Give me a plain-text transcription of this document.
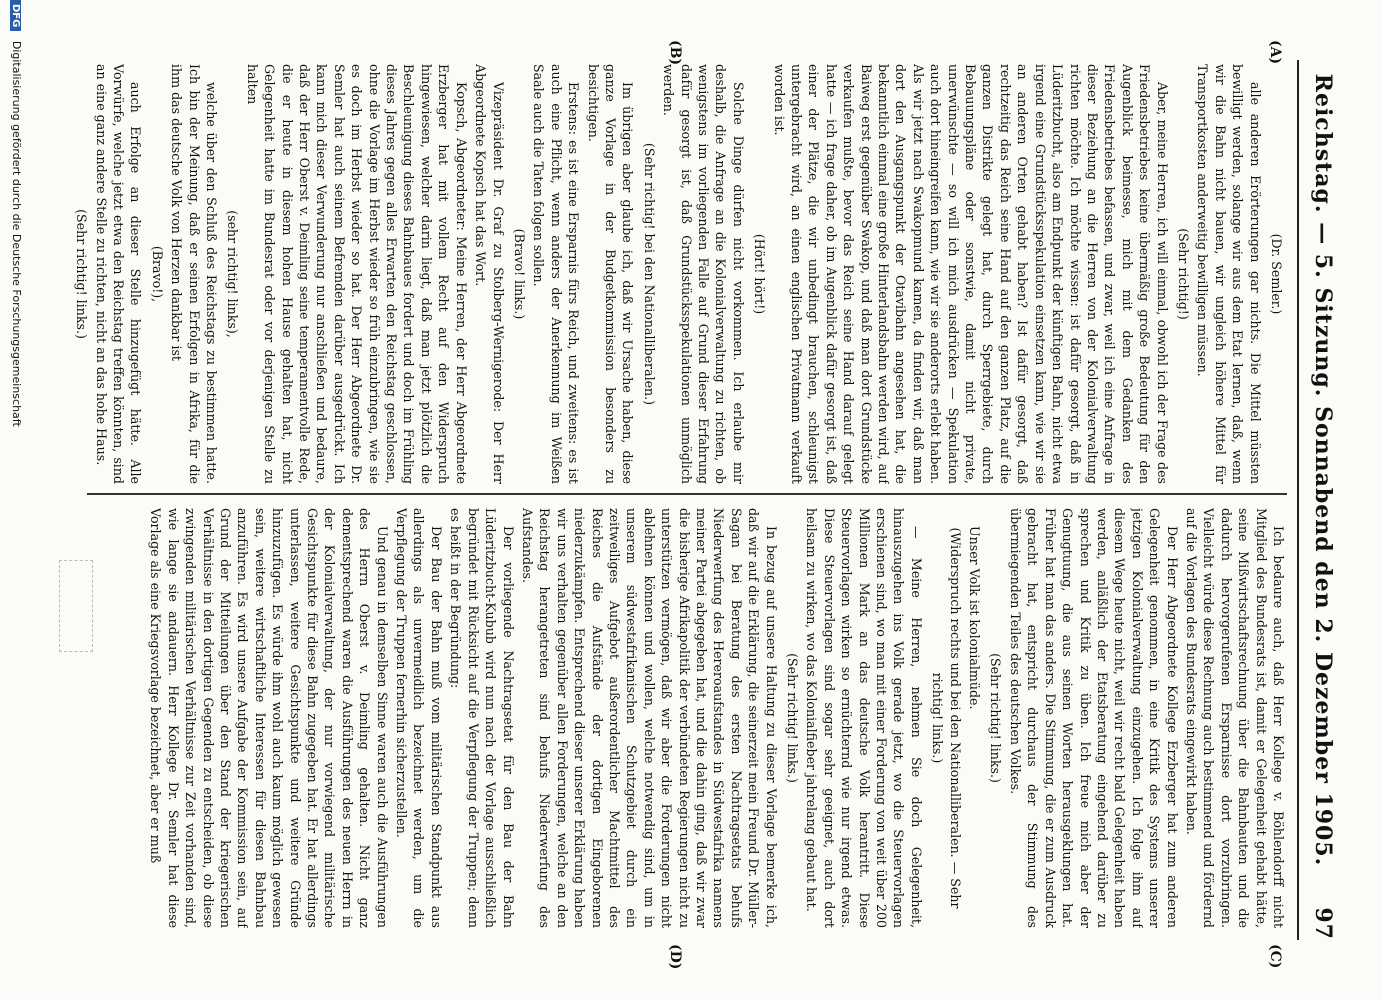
Reichstag. — 5. Sitzung. Sonnabend den 2. Dezember 1905.
97
(A)
(B)
(C)
(D)

(Dr. Semler.)

alle anderen Erörterungen gar nichts. Die Mittel müssten bewilligt werden, solange wir aus dem Etat lernen, daß, wenn wir die Bahn nicht bauen, wir ungleich höhere Mittel für Transportkosten anderweitig bewilligen müssen.

(Sehr richtig!)

Aber, meine Herren, ich will einmal, obwohl ich der Frage des Friedensbetriebes keine übermäßig große Bedeutung für den Augenblick beimesse, mich mit dem Gedanken des Friedensbetriebes befassen, und zwar, weil ich eine Anfrage in dieser Beziehung an die Herren von der Kolonialverwaltung richten möchte. Ich möchte wissen: ist dafür gesorgt, daß in Lüderitzbucht, also am Endpunkt der künftigen Bahn, nicht etwa irgend eine Grundstücksspekulation einsetzen kann, wie wir sie an anderen Orten gehabt haben? Ist dafür gesorgt, daß rechtzeitig das Reich seine Hand auf den ganzen Platz, auf die ganzen Distrikte gelegt hat, durch Sperrgebiete, durch Bebauungspläne oder sonstwie, damit nicht private, unerwünschte — so will ich mich ausdrücken — Spekulation auch dort hineingreifen kann, wie wir sie anderorts erlebt haben. Als wir jetzt nach Swakopmund kamen, da finden wir, daß man dort den Ausgangspunkt der Otavibahn angesehen hat, die bekanntlich einmal eine große Hinterlandsbahn werden wird, auf Baiweg erst gegenüber Swakop, und daß man dort Grundstücke verkaufen mußte, bevor das Reich seine Hand darauf gelegt hatte — ich frage daher, ob im Augenblick dafür gesorgt ist, daß einer der Plätze, die wir unbedingt brauchen, schleunigst untergebracht wird, an einen englischen Privatmann verkauft worden ist.

(Hört! hört!)

Solche Dinge dürfen nicht vorkommen. Ich erlaube mir deshalb, die Anfrage an die Kolonialverwaltung zu richten, ob wenigstens im vorliegenden Falle auf Grund dieser Erfahrung dafür gesorgt ist, daß Grundstücksspekulationen unmöglich werden.

(Sehr richtig! bei den Nationalliberalen.)

Im übrigen aber glaube ich, daß wir Ursache haben, diese ganze Vorlage in der Budgetkommission besonders zu besichtigen.

Erstens: es ist eine Ersparnis fürs Reich, und zweitens: es ist auch eine Pflicht, wenn anders der Anerkennung im Weißen Saale auch die Taten folgen sollen.

(Bravo! links.)

Vizepräsident Dr. Graf zu Stolberg-Wernigerode: Der Herr Abgeordnete Kopsch hat das Wort.

Kopsch, Abgeordneter: Meine Herren, der Herr Abgeordnete Erzberger hat mit vollem Recht auf den Widerspruch hingewiesen, welcher darin liegt, daß man jetzt plötzlich die Beschleunigung dieses Bahnbaues fordert und doch im Frühling dieses Jahres gegen alles Erwarten den Reichstag geschlossen, ohne die Vorlage im Herbst wieder so früh einzubringen, wie sie es doch im Herbst wieder so hat. Der Herr Abgeordnete Dr. Semler hat auch seinem Befremden darüber ausgedrückt. Ich kann mich dieser Verwunderung nur anschließen und bedaure, daß der Herr Oberst v. Deimling seine temperamentvolle Rede, die er heute in diesem hohen Hause gehalten hat, nicht Gelegenheit hatte im Bundesrat oder vor derjenigen Stelle zu halten

(sehr richtig! links),

welche über den Schluß des Reichstags zu bestimmen hatte. Ich bin der Meinung, daß er seinen Erfolgen in Afrika, für die ihm das deutsche Volk von Herzen dankbar ist

(Bravo!),

auch Erfolge an dieser Stelle hinzugefügt hätte. Alle Vorwürfe, welche jetzt etwa den Reichstag treffen könnten, sind an eine ganz andere Stelle zu richten, nicht an das hohe Haus.

(Sehr richtig! links.)

Ich bedaure auch, daß Herr Kollege v. Böhlendorff nicht Mitglied des Bundesrats ist, damit er Gelegenheit gehabt hätte, seine Mißwirtschaftsrechnung über die Bahnbauten und die dadurch hervorgerufenen Ersparnisse dort vorzubringen. Vielleicht würde diese Rechnung auch bestimmend und fördernd auf die Vorlagen des Bundesrats eingewirkt haben.

Der Herr Abgeordnete Kollege Erzberger hat zum anderen Gelegenheit genommen, in eine Kritik des Systems unserer jetzigen Kolonialverwaltung einzugehen. Ich folge ihm auf diesem Wege heute nicht, weil wir recht bald Gelegenheit haben werden, anläßlich der Etatsberatung eingehend darüber zu sprechen und Kritik zu üben. Ich freue mich aber der Genugtuung, die aus seinen Worten herausgeklungen hat. Früher hat man das anders. Die Stimmung, die er zum Ausdruck gebracht hat, entspricht durchaus der Stimmung des übermiegenden Teiles des deutschen Volkes.

(Sehr richtig! links.)

Unser Volk ist kolonialmüde.

(Widerspruch rechts und bei den Nationalliberalen. — Sehr richtig! links.)

— Meine Herren, nehmen Sie doch Gelegenheit, hinauszugehen ins Volk gerade jetzt, wo die Steuervorlagen erschienen sind, wo man mit einer Forderung von weit über 200 Millionen Mark an das deutsche Volk herantritt. Diese Steuervorlagen wirken so ernüchternd wie nur irgend etwas. Diese Steuervorlagen sind sogar sehr geeignet, auch dort heilsam zu wirken, wo das Kolonialfieber jahrelang gebaut hat.

(Sehr richtig! links.)

In bezug auf unsere Haltung zu dieser Vorlage bemerke ich, daß wir auf die Erklärung, die seinerzeit mein Freund Dr. Müller-Sagan bei Beratung des ersten Nachtragsetats behufs Niederwerfung des Hereroaufstandes in Südwestafrika namens meiner Partei abgegeben hat, und die dahin ging, daß wir zwar die bisherige Afrikapolitik der verbündeten Regierungen nicht zu unterstützen vermögen, daß wir aber die Forderungen nicht ablehnen können und wollen, welche notwendig sind, um in unserem südwestafrikanischen Schutzgebiet durch ein zeitweiliges Aufgebot außerordentlicher Machtmittel des Reiches die Aufstände der dortigen Eingeborenen niederzukämpfen. Entsprechend dieser unserer Erklärung haben wir uns verhalten gegenüber allen Forderungen, welche an den Reichstag herangetreten sind behufs Niederwerfung des Aufstandes.

Der vorliegende Nachtragsetat für den Bau der Bahn Lüderitzbucht-Kubub wird nun nach der Vorlage ausschließlich begründet mit Rücksicht auf die Verpflegung der Truppen; denn es heißt in der Begründung:

Der Bau der Bahn muß vom militärischen Standpunkt aus allerdings als unvermeidlich bezeichnet werden, um die Verpflegung der Truppen fernerhin sicherzustellen.

Und genau in demselben Sinne waren auch die Ausführungen des Herrn Oberst v. Deimling gehalten. Nicht ganz dementsprechend waren die Ausführungen des neuen Herrn in der Kolonialverwaltung, der nur vorwiegend militärische Gesichtspunkte für diese Bahn zugegeben hat. Er hat allerdings unterlassen, weitere Gesichtspunkte und weitere Gründe hinzuzufügen. Es würde ihm wohl auch kaum möglich gewesen sein, weitere wirtschaftliche Interessen für diesen Bahnbau anzuführen. Es wird unsere Aufgabe der Kommission sein, auf Grund der Mitteilungen über den Stand der kriegerischen Verhältnisse in den dortigen Gegenden zu entscheiden, ob diese zwingenden militärischen Verhältnisse zur Zeit vorhanden sind, wie lange sie andauern. Herr Kollege Dr. Semler hat diese Vorlage als eine Kriegsvorlage bezeichnet, aber er muß

DFG Digitalisierung gefördert durch die Deutsche Forschungsgemeinschaft
